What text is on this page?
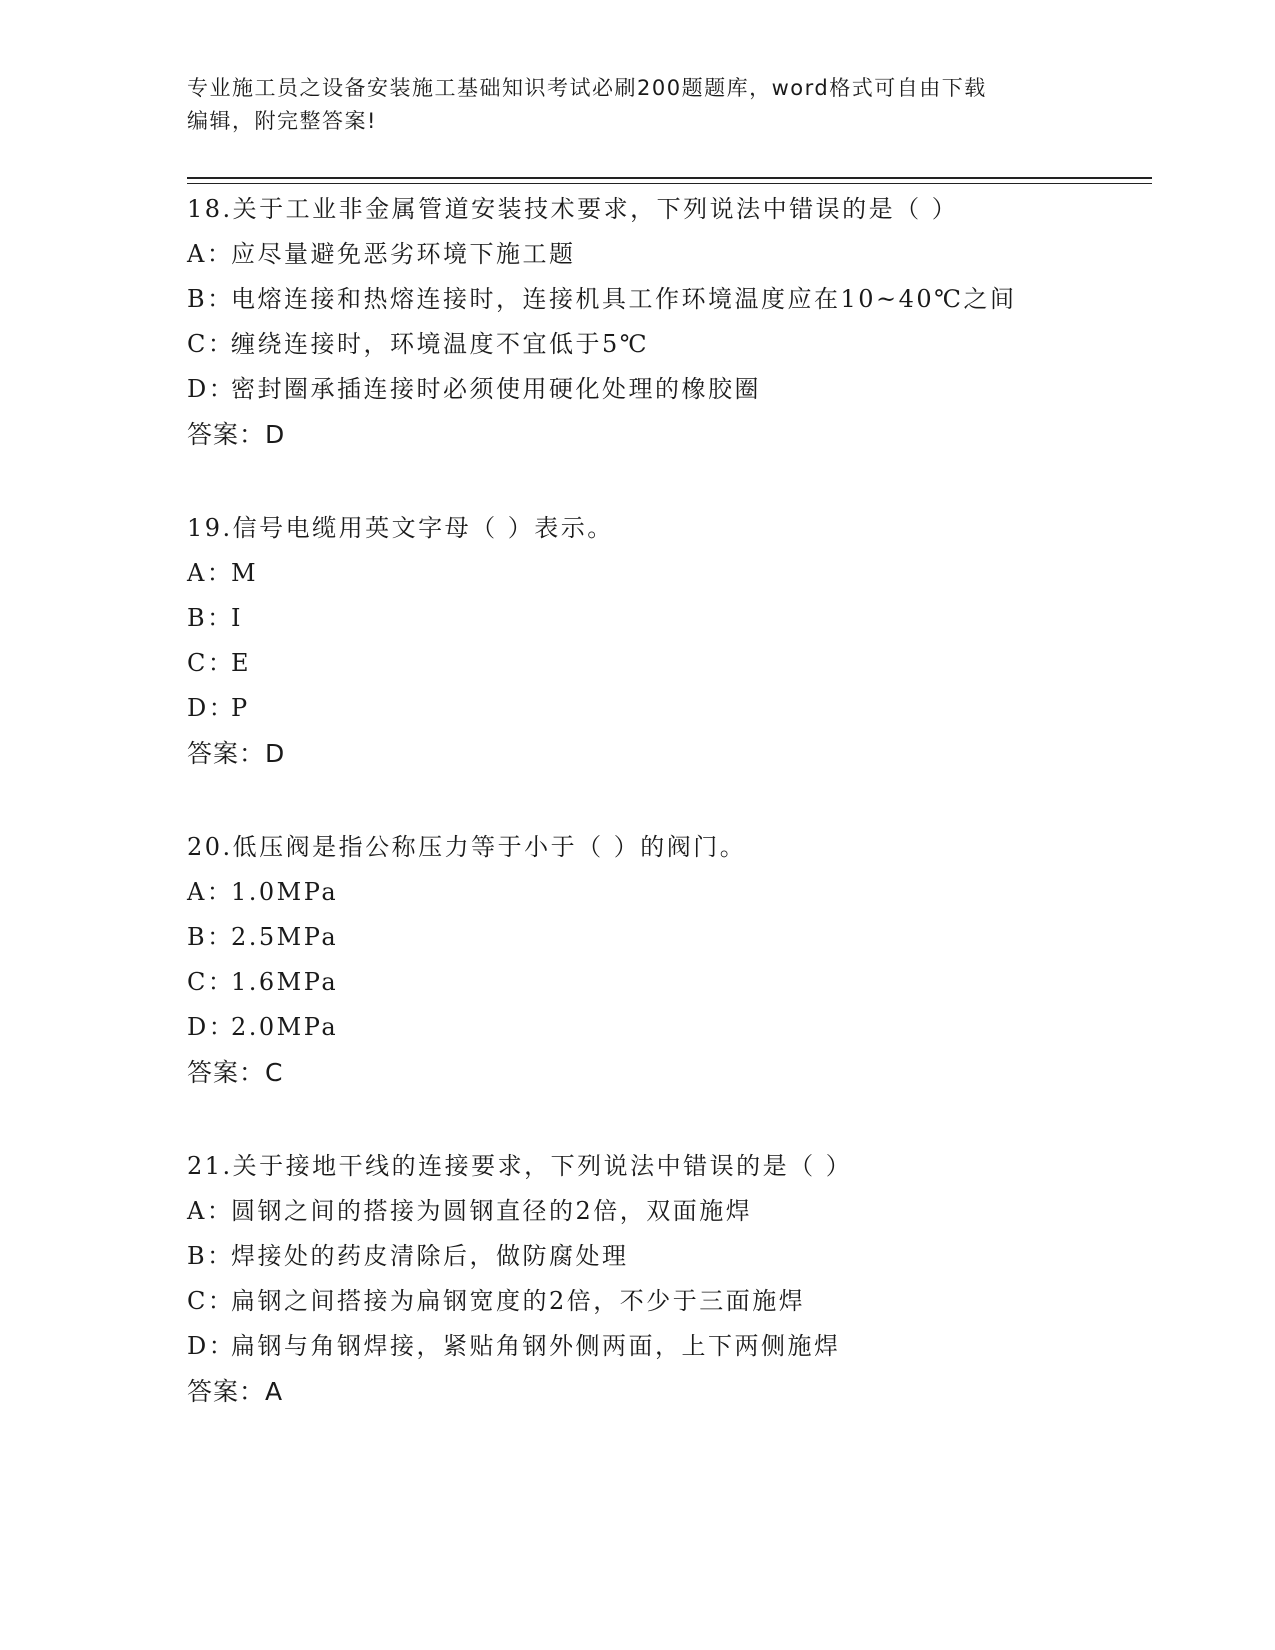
专业施工员之设备安装施工基础知识考试必刷200题题库，word格式可自由下载
编辑，附完整答案!
18.关于工业非金属管道安装技术要求，下列说法中错误的是（ ）
A：
应尽量避免恶劣环境下施工题
B：
电熔连接和热熔连接时，连接机具工作环境温度应在10~40℃之间
C：
缠绕连接时，环境温度不宜低于5℃
D：
密封圈承插连接时必须使用硬化处理的橡胶圈
答案：D
19.信号电缆用英文字母（ ）表示。
A：
M
B：
I
C：
E
D：
P
答案：D
20.低压阀是指公称压力等于小于（ ）的阀门。
A：
1.0MPa
B：
2.5MPa
C：
1.6MPa
D：
2.0MPa
答案：C
21.关于接地干线的连接要求，下列说法中错误的是（ ）
A：
圆钢之间的搭接为圆钢直径的2倍，双面施焊
B：
焊接处的药皮清除后，做防腐处理
C：
扁钢之间搭接为扁钢宽度的2倍，不少于三面施焊
D：
扁钢与角钢焊接，紧贴角钢外侧两面，上下两侧施焊
答案：A
